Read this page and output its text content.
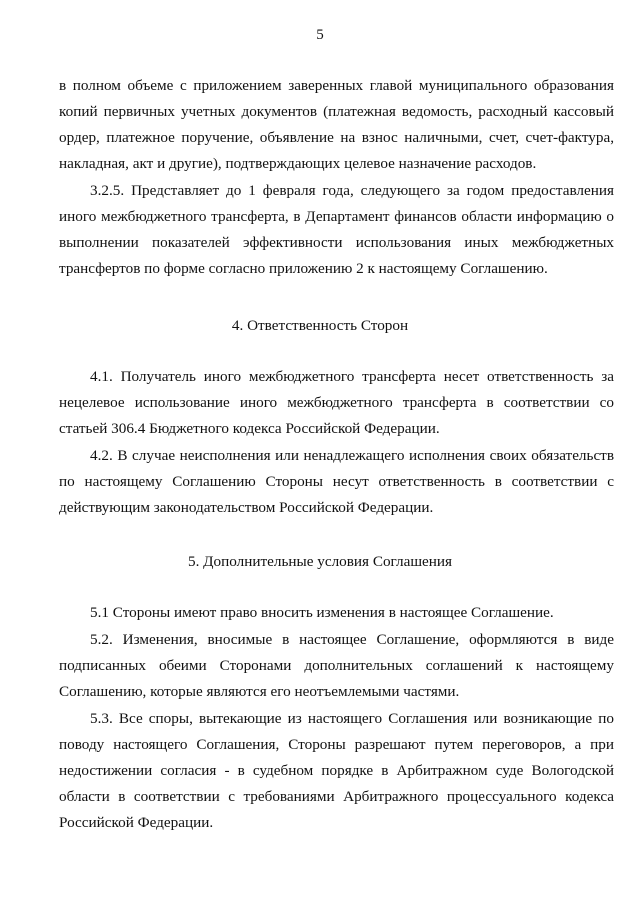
5

в полном объеме с приложением заверенных главой муниципального образования копий первичных учетных документов (платежная ведомость, расходный кассовый ордер, платежное поручение, объявление на взнос наличными, счет, счет-фактура, накладная, акт и другие), подтверждающих целевое назначение расходов.

3.2.5. Представляет до 1 февраля года, следующего за годом предоставления иного межбюджетного трансферта, в Департамент финансов области информацию о выполнении показателей эффективности использования иных межбюджетных трансфертов по форме согласно приложению 2 к настоящему Соглашению.

4. Ответственность Сторон

4.1. Получатель иного межбюджетного трансферта несет ответственность за нецелевое использование иного межбюджетного трансферта в соответствии со статьей 306.4 Бюджетного кодекса Российской Федерации.

4.2. В случае неисполнения или ненадлежащего исполнения своих обязательств по настоящему Соглашению Стороны несут ответственность в соответствии с действующим законодательством Российской Федерации.

5. Дополнительные условия Соглашения

5.1 Стороны имеют право вносить изменения в настоящее Соглашение.

5.2. Изменения, вносимые в настоящее Соглашение, оформляются в виде подписанных обеими Сторонами дополнительных соглашений к настоящему Соглашению, которые являются его неотъемлемыми частями.

5.3. Все споры, вытекающие из настоящего Соглашения или возникающие по поводу настоящего Соглашения, Стороны разрешают путем переговоров, а при недостижении согласия - в судебном порядке в Арбитражном суде Вологодской области в соответствии с требованиями Арбитражного процессуального кодекса Российской Федерации.
